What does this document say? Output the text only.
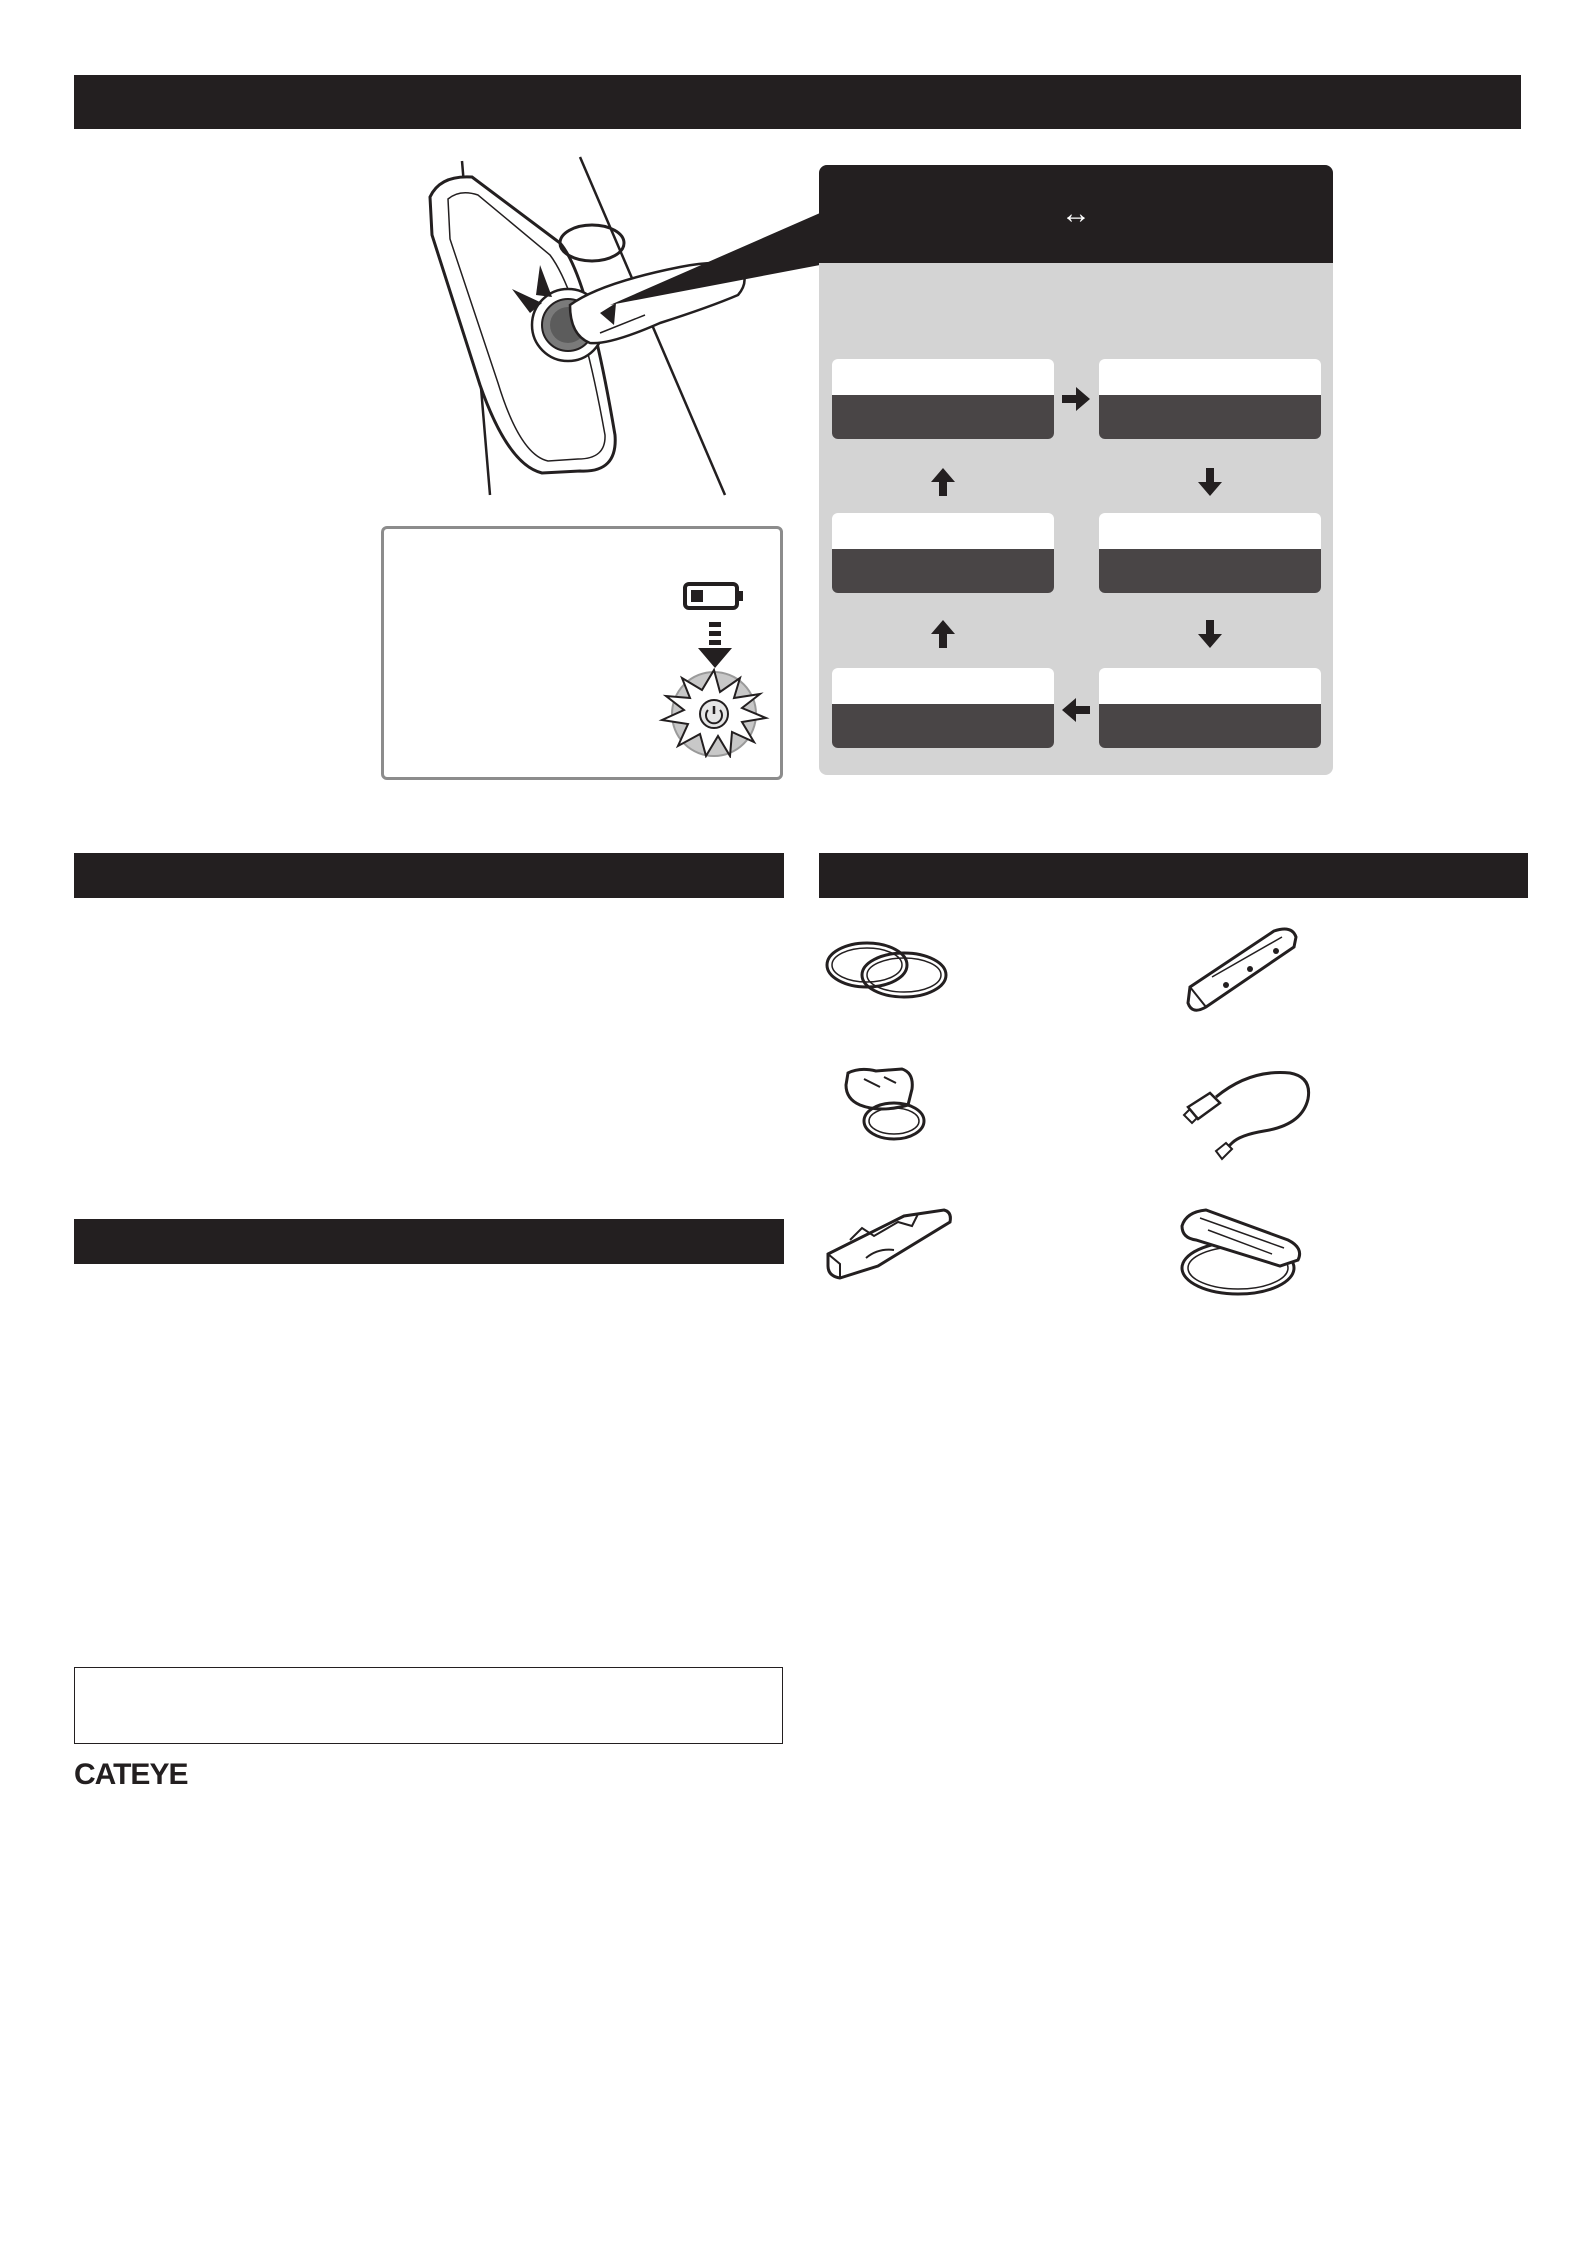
↔
CATEYE
